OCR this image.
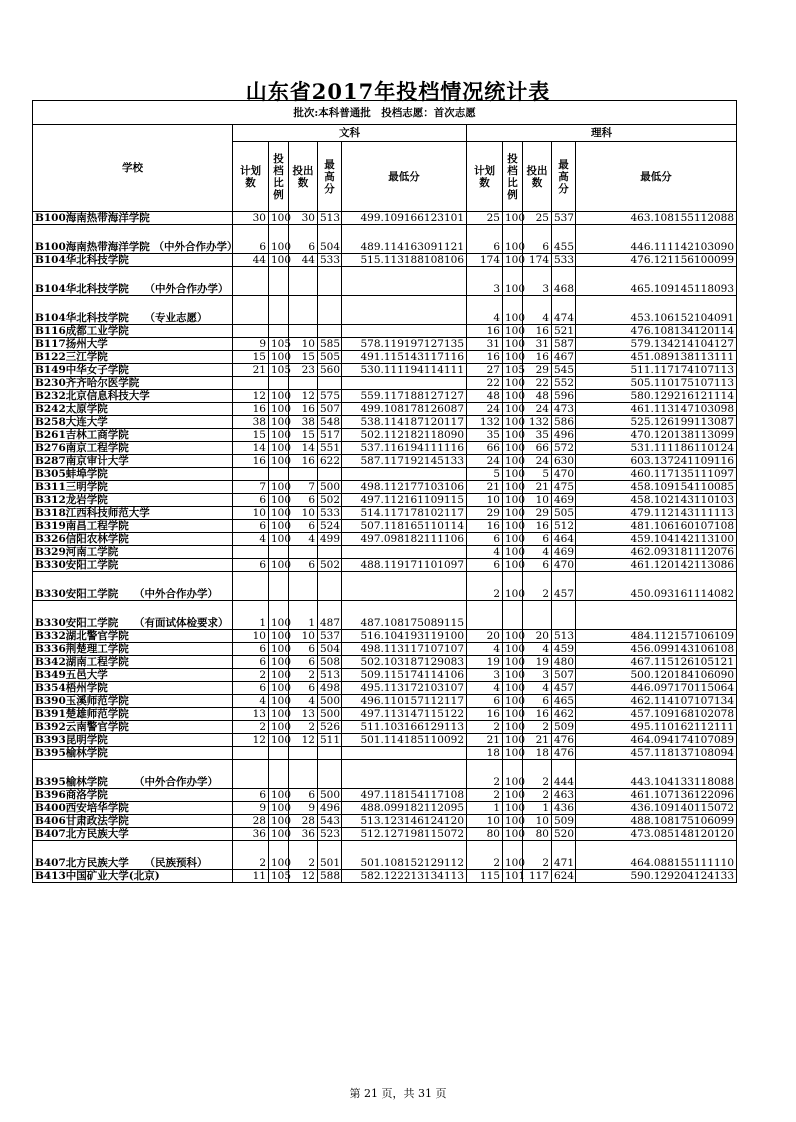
山东省2017年投档情况统计表
批次:本科普通批　投档志愿：首次志愿										
学校	文科					理科				
	计划数	投档比例	投出数	最高分	最低分	计划数	投档比例	投出数	最高分	最低分
B100海南热带海洋学院	30	100	30	513	499.109166123101	25	100	25	537	463.108155112088
B100海南热带海洋学院 （中外合作办学）	6	100	6	504	489.114163091121	6	100	6	455	446.111142103090
B104华北科技学院	44	100	44	533	515.113188108106	174	100	174	533	476.121156100099
B104华北科技学院　　（中外合作办学）						3	100	3	468	465.109145118093
B104华北科技学院　　（专业志愿）						4	100	4	474	453.106152104091
B116成都工业学院						16	100	16	521	476.108134120114
B117扬州大学	9	105	10	585	578.119197127135	31	100	31	587	579.134214104127
B122三江学院	15	100	15	505	491.115143117116	16	100	16	467	451.089138113111
B149中华女子学院	21	105	23	560	530.111194114111	27	105	29	545	511.117174107113
B230齐齐哈尔医学院						22	100	22	552	505.110175107113
B232北京信息科技大学	12	100	12	575	559.117188127127	48	100	48	596	580.129216121114
B242太原学院	16	100	16	507	499.108178126087	24	100	24	473	461.113147103098
B258大连大学	38	100	38	548	538.114187120117	132	100	132	586	525.126199113087
B261吉林工商学院	15	100	15	517	502.112182118090	35	100	35	496	470.120138113099
B276南京工程学院	14	100	14	551	537.116194111116	66	100	66	572	531.111186110124
B287南京审计大学	16	100	16	622	587.117192145133	24	100	24	630	603.137241109116
B305蚌埠学院						5	100	5	470	460.117135111097
B311三明学院	7	100	7	500	498.112177103106	21	100	21	475	458.109154110085
B312龙岩学院	6	100	6	502	497.112161109115	10	100	10	469	458.102143110103
B318江西科技师范大学	10	100	10	533	514.117178102117	29	100	29	505	479.112143111113
B319南昌工程学院	6	100	6	524	507.118165110114	16	100	16	512	481.106160107108
B326信阳农林学院	4	100	4	499	497.098182111106	6	100	6	464	459.104142113100
B329河南工学院						4	100	4	469	462.093181112076
B330安阳工学院	6	100	6	502	488.119171101097	6	100	6	470	461.120142113086
B330安阳工学院　　（中外合作办学）						2	100	2	457	450.093161114082
B330安阳工学院　　（有面试体检要求）	1	100	1	487	487.108175089115					
B332湖北警官学院	10	100	10	537	516.104193119100	20	100	20	513	484.112157106109
B336荆楚理工学院	6	100	6	504	498.113117107107	4	100	4	459	456.099143106108
B342湖南工程学院	6	100	6	508	502.103187129083	19	100	19	480	467.115126105121
B349五邑大学	2	100	2	513	509.115174114106	3	100	3	507	500.120184106090
B354梧州学院	6	100	6	498	495.113172103107	4	100	4	457	446.097170115064
B390玉溪师范学院	4	100	4	500	496.110157112117	6	100	6	465	462.114107107134
B391楚雄师范学院	13	100	13	500	497.113147115122	16	100	16	462	457.109168102078
B392云南警官学院	2	100	2	526	511.103166129113	2	100	2	509	495.110162112111
B393昆明学院	12	100	12	511	501.114185110092	21	100	21	476	464.094174107089
B395榆林学院						18	100	18	476	457.118137108094
B395榆林学院　　　（中外合作办学）						2	100	2	444	443.104133118088
B396商洛学院	6	100	6	500	497.118154117108	2	100	2	463	461.107136122096
B400西安培华学院	9	100	9	496	488.099182112095	1	100	1	436	436.109140115072
B406甘肃政法学院	28	100	28	543	513.123146124120	10	100	10	509	488.108175106099
B407北方民族大学	36	100	36	523	512.127198115072	80	100	80	520	473.085148120120
B407北方民族大学　　（民族预科）	2	100	2	501	501.108152129112	2	100	2	471	464.088155111110
B413中国矿业大学(北京)	11	105	12	588	582.122213134113	115	101	117	624	590.129204124133
第 21 页，共 31 页
